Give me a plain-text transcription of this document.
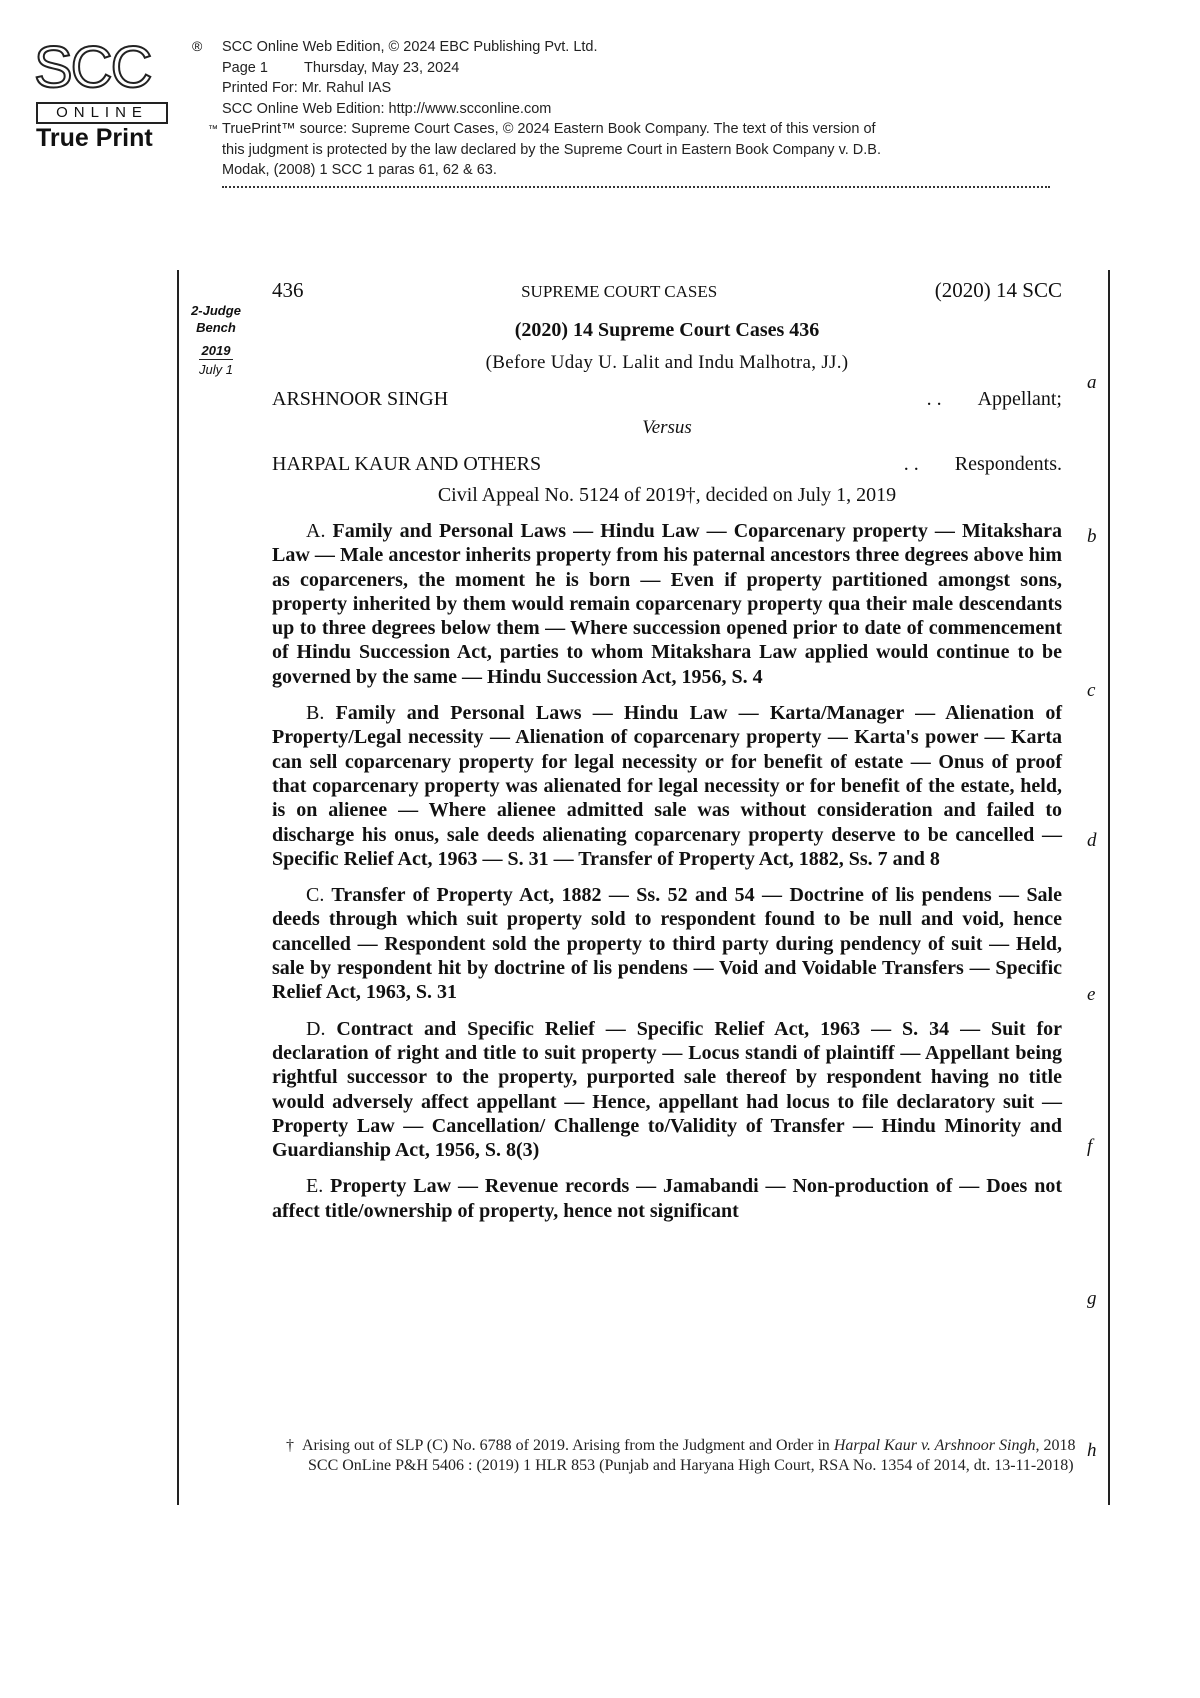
SCC	®
ONLINE
True Print	™
SCC Online Web Edition, © 2024 EBC Publishing Pvt. Ltd.
Page 1 Thursday, May 23, 2024
Printed For: Mr. Rahul IAS
SCC Online Web Edition: http://www.scconline.com
TruePrint™ source: Supreme Court Cases, © 2024 Eastern Book Company. The text of this version of
this judgment is protected by the law declared by the Supreme Court in Eastern Book Company v. D.B.
Modak, (2008) 1 SCC 1 paras 61, 62 & 63.
2-Judge Bench
2019
July 1
a
b
c
d
e
f
g
h
436	SUPREME COURT CASES	(2020) 14 SCC
(2020) 14 Supreme Court Cases 436
(Before Uday U. Lalit and Indu Malhotra, JJ.)
ARSHNOOR SINGH	. . Appellant;
Versus
HARPAL KAUR AND OTHERS	. . Respondents.
Civil Appeal No. 5124 of 2019†, decided on July 1, 2019
A. Family and Personal Laws — Hindu Law — Coparcenary property — Mitakshara Law — Male ancestor inherits property from his paternal ancestors three degrees above him as coparceners, the moment he is born — Even if property partitioned amongst sons, property inherited by them would remain coparcenary property qua their male descendants up to three degrees below them — Where succession opened prior to date of commencement of Hindu Succession Act, parties to whom Mitakshara Law applied would continue to be governed by the same — Hindu Succession Act, 1956, S. 4
B. Family and Personal Laws — Hindu Law — Karta/Manager — Alienation of Property/Legal necessity — Alienation of coparcenary property — Karta's power — Karta can sell coparcenary property for legal necessity or for benefit of estate — Onus of proof that coparcenary property was alienated for legal necessity or for benefit of the estate, held, is on alienee — Where alienee admitted sale was without consideration and failed to discharge his onus, sale deeds alienating coparcenary property deserve to be cancelled — Specific Relief Act, 1963 — S. 31 — Transfer of Property Act, 1882, Ss. 7 and 8
C. Transfer of Property Act, 1882 — Ss. 52 and 54 — Doctrine of lis pendens — Sale deeds through which suit property sold to respondent found to be null and void, hence cancelled — Respondent sold the property to third party during pendency of suit — Held, sale by respondent hit by doctrine of lis pendens — Void and Voidable Transfers — Specific Relief Act, 1963, S. 31
D. Contract and Specific Relief — Specific Relief Act, 1963 — S. 34 — Suit for declaration of right and title to suit property — Locus standi of plaintiff — Appellant being rightful successor to the property, purported sale thereof by respondent having no title would adversely affect appellant — Hence, appellant had locus to file declaratory suit — Property Law — Cancellation/ Challenge to/Validity of Transfer — Hindu Minority and Guardianship Act, 1956, S. 8(3)
E. Property Law — Revenue records — Jamabandi — Non-production of — Does not affect title/ownership of property, hence not significant
† Arising out of SLP (C) No. 6788 of 2019. Arising from the Judgment and Order in Harpal Kaur v. Arshnoor Singh, 2018 SCC OnLine P&H 5406 : (2019) 1 HLR 853 (Punjab and Haryana High Court, RSA No. 1354 of 2014, dt. 13-11-2018)
